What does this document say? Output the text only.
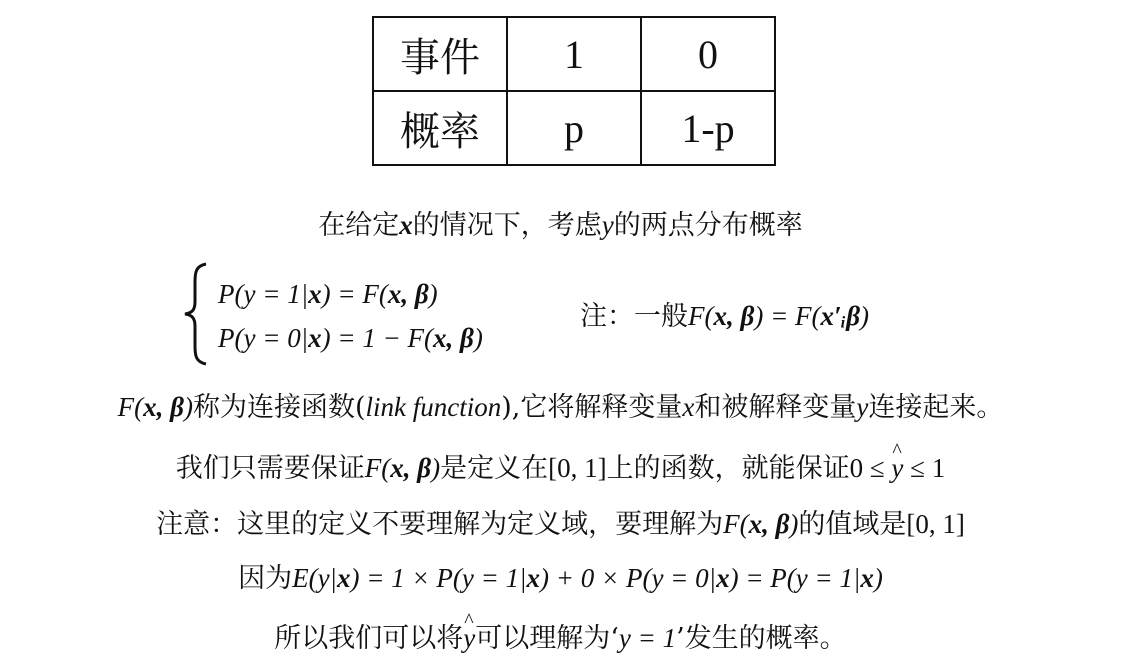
事件	1	0
概率	p	1-p
在给定x的情况下，考虑y的两点分布概率
P(y = 1|x) = F(x, β)
P(y = 0|x) = 1 − F(x, β)
注：一般F(x, β) = F(x′ᵢβ)
F(x, β)称为连接函数(link function),它将解释变量x和被解释变量y连接起来。
我们只需要保证F(x, β)是定义在[0, 1]上的函数，就能保证0 ≤ ^ y ≤ 1
注意：这里的定义不要理解为定义域，要理解为F(x, β)的值域是[0, 1]
因为E(y|x) = 1 × P(y = 1|x) + 0 × P(y = 0|x) = P(y = 1|x)
所以我们可以将^ y可以理解为‘y = 1’发生的概率。
